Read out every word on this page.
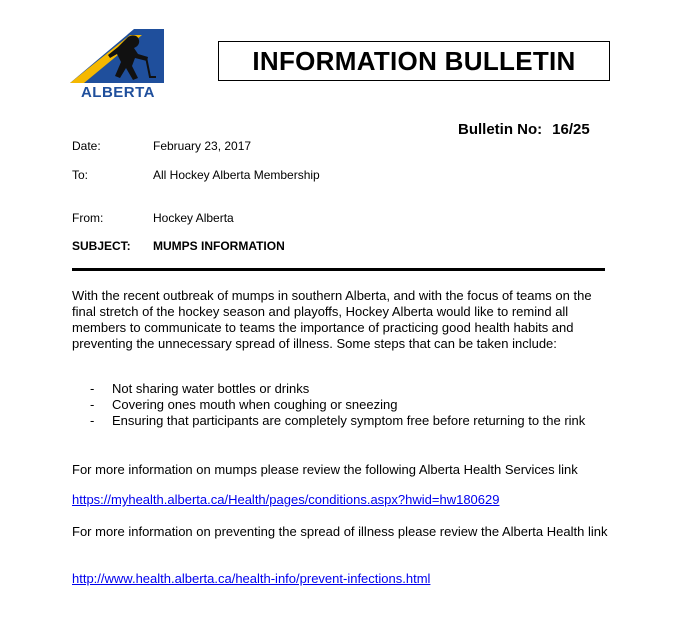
ALBERTA
INFORMATION BULLETIN
Bulletin No: 16/25
Date:	February 23, 2017
To:	All Hockey Alberta Membership
From:	Hockey Alberta
SUBJECT: MUMPS INFORMATION
With the recent outbreak of mumps in southern Alberta, and with the focus of teams on the final stretch of the hockey season and playoffs, Hockey Alberta would like to remind all members to communicate to teams the importance of practicing good health habits and preventing the unnecessary spread of illness. Some steps that can be taken include:
- Not sharing water bottles or drinks
- Covering ones mouth when coughing or sneezing
- Ensuring that participants are completely symptom free before returning to the rink
For more information on mumps please review the following Alberta Health Services link
https://myhealth.alberta.ca/Health/pages/conditions.aspx?hwid=hw180629
For more information on preventing the spread of illness please review the Alberta Health link
http://www.health.alberta.ca/health-info/prevent-infections.html
